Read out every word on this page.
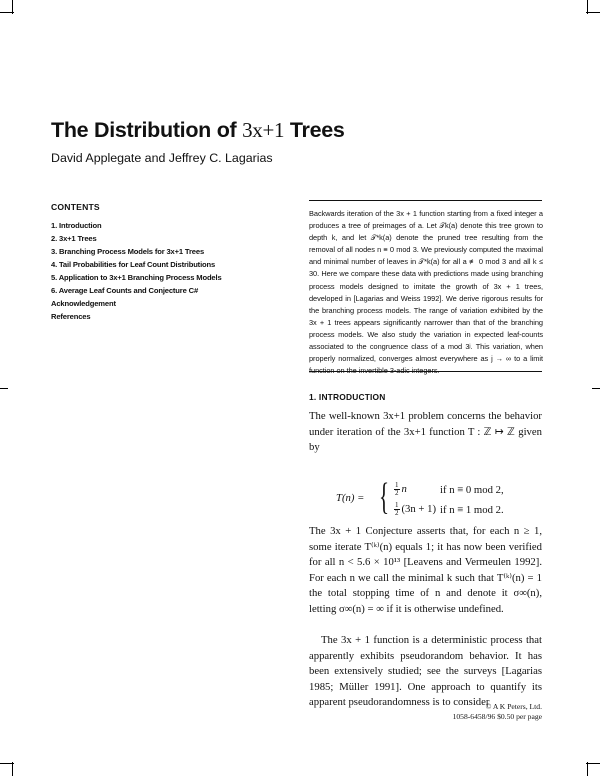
The Distribution of 3x+1 Trees
David Applegate and Jeffrey C. Lagarias
CONTENTS
1. Introduction
2. 3x+1 Trees
3. Branching Process Models for 3x+1 Trees
4. Tail Probabilities for Leaf Count Distributions
5. Application to 3x+1 Branching Process Models
6. Average Leaf Counts and Conjecture C#
Acknowledgement
References

Backwards iteration of the 3x + 1 function starting from a fixed integer a produces a tree of preimages of a. Let 𝒯k(a) denote this tree grown to depth k, and let 𝒯*k(a) denote the pruned tree resulting from the removal of all nodes n ≡ 0 mod 3. We previously computed the maximal and minimal number of leaves in 𝒯*k(a) for all a ≢ 0 mod 3 and all k ≤ 30. Here we compare these data with predictions made using branching process models designed to imitate the growth of 3x + 1 trees, developed in [Lagarias and Weiss 1992]. We derive rigorous results for the branching process models. The range of variation exhibited by the 3x + 1 trees appears significantly narrower than that of the branching process models. We also study the variation in expected leaf-counts associated to the congruence class of a mod 3ʲ. This variation, when properly normalized, converges almost everywhere as j → ∞ to a limit

1. INTRODUCTION

The well-known 3x+1 problem concerns the behavior under iteration of the 3x+1 function T : ℤ ↦ ℤ given by

T(n) = { $\frac{1}{2}$ n	if n ≡ 0 mod 2,
$\frac{1}{2} (3n + 1)$ if n ≡ 1 mod 2.

The 3x + 1 Conjecture asserts that, for each n ≥ 1, some iterate T⁽ᵏ⁾(n) equals 1; it has now been verified for all n < 5.6 × 10¹³ [Leavens and Vermeulen 1992]. For each n we call the minimal k such that T⁽ᵏ⁾(n) = 1 the total stopping time of n and denote it σ∞(n), letting σ∞(n) = ∞ if it is otherwise undefined.

The 3x + 1 function is a deterministic process that apparently exhibits pseudorandom behavior. It has been extensively studied; see the surveys [Lagarias 1985; Müller 1991]. One approach to quantify its apparent pseudorandomness is to consider

© A K Peters, Ltd.
1058-6458/96 $0.50 per page
